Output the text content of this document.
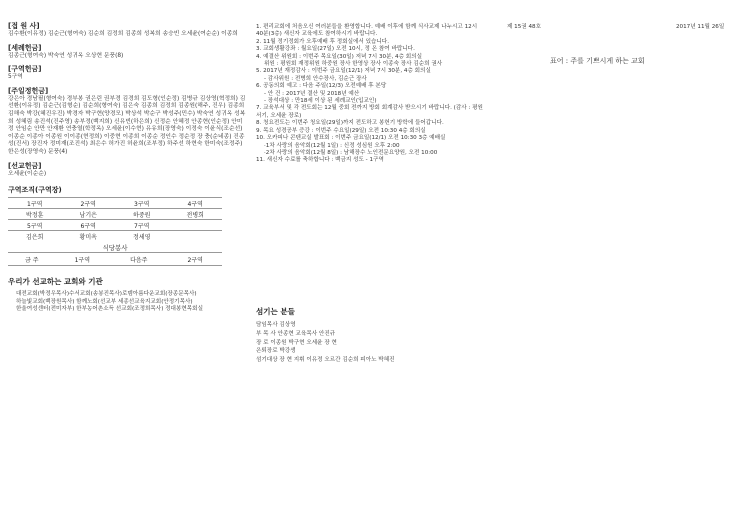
[접 원 사]
김수환(이유정) 김순근(형여숙) 김순희 김정희 김종희 성복희 송승빈 오세윤(여순순) 이종희
[세례헌금]
김종근(형여숙) 박숙연 성귀옥 오상현 문풍(8)
[구역헌금]
5구역
[주일정헌금]
강은아 경남필(형여숙) 경부봉 권은린 권부경 김경희 김도형(인순정) 김병규 김상영(혁정희) 김선환(이유정) 김순근(김형순) 김순희(형여숙) 김은숙 김종희 김정희 김종원(해주, 진우) 김종희 김해숙 박강(혜진우진) 박경자 박구현(양경모) 박상석 박순구 박성주(민수) 박숙연 성귀옥 성복희 성혜림 송진석(진주영) 송부정(백지희) 신유빈(하은희) 신정순 안혜정 안종현(인순정) 안미정 안임순 안만 안재환 연충열(학정옥) 오세윤(이수현) 유유희(장영숙) 이정숙 이윤식(조순선) 이종순 이종아 이종원 이이종(현정희) 이중현 이종희 이종순 정인수 정순정 장 충(순네종) 진종성(진서) 장진자 정미재(조진석) 최은수 허가진 허윤희(조부정) 하주선 하현숙 한미숙(조정주) 한은성(장영숙) 문풍(4)
[선교헌금]
오세윤(이순순)
구역조직(구역장)
1구역	2구역	3구역	4구역
박정훈	남기은	하중원	전병희
5구역	6구역	7구역	
김은희	황미옥	정세영	
식당봉사
금 주	1구역	다음주	2구역
우리가 선교하는 교회와 기관
대전교회(박정우목사)수서교회(송봉진목사)로뎀아름다운교회(장종문목사)
하늘빛교회(백장원목사) 함께노회(선교부 세종선교육지교회(안정기목사)
한울여성센터(전미자부) 한부농어촌소득 선교회(조정희목사) 정대봉현목회실
1. 편리교회에 처음오신 여러분들을 환영합니다. 예배 이후에 함께 식사교제 나누시고 12시 40분(3층) 새신자 교육에도 참여하시기 바랍니다.
2. 11월 정기정회가 오후예배 후 정회실에서 있습니다.
3. 교회생활강좌 : 월요일(27일) 오전 10시, 정 온 참여 바랍니다.
4. 예결산 위원회 : 이번주 목요일(30일) 저녁 7시 30분, 4층 회의실
위원 : 평원회 재정위원 하중원 장사 한영상 장사 이종숙 장사 김순희 권사
5. 2017년 재정감사 : 이번주 금요일(12/1) 저녁 7시 30분, 4층 회의실
- 감사위원 : 전병희 안수장사, 김순근 장사
6. 공동의회 예고 : 다음 주일(12/3) 오전예배 후 본당
- 안 건 : 2017년 결산 및 2018년 예산
- 장석대상 : 만18세 이상 된 세례교인(입교인)
7. 교육부서 및 각 전도회는 12월 중회 전까지 방회 회계감사 받으시기 바랍니다. (감사 : 평원서기, 오세윤 장로)
8. 청요전도는 이번주 청요일(29일)까지 전도하고 봉헌기 방학에 들어갑니다.
9. 목요 성경공부 증강 : 이번주 수요일(29일) 오전 10:30 4층 회의실
10. 오카피나 콘텐교실 발표회 : 이번주 금요일(12/1) 오전 10:30 3층 예배실
·1차 사랑의 음악회(12월 1일) : 신정 성심원 오후 2:00
·2차 사랑의 음악회(12월 8일) : 남해장수 노인전문요양원, 오전 10:00
11. 새신자 수료를 축하합니다 : 백금지 성도 - 1구역
섬기는 분들
담임목사 김상영
부 목 사 안종현 교육목사 안진규
장 로 이종원 박구현 오세윤 장 현
은퇴장로 박강생
섬기대상 장 현 지휘 이유정 오르간 김순희 피아노 박혜진
제 15권 48호	2017년 11월 26일
표어 : 주를 기쁘시게 하는 교회
